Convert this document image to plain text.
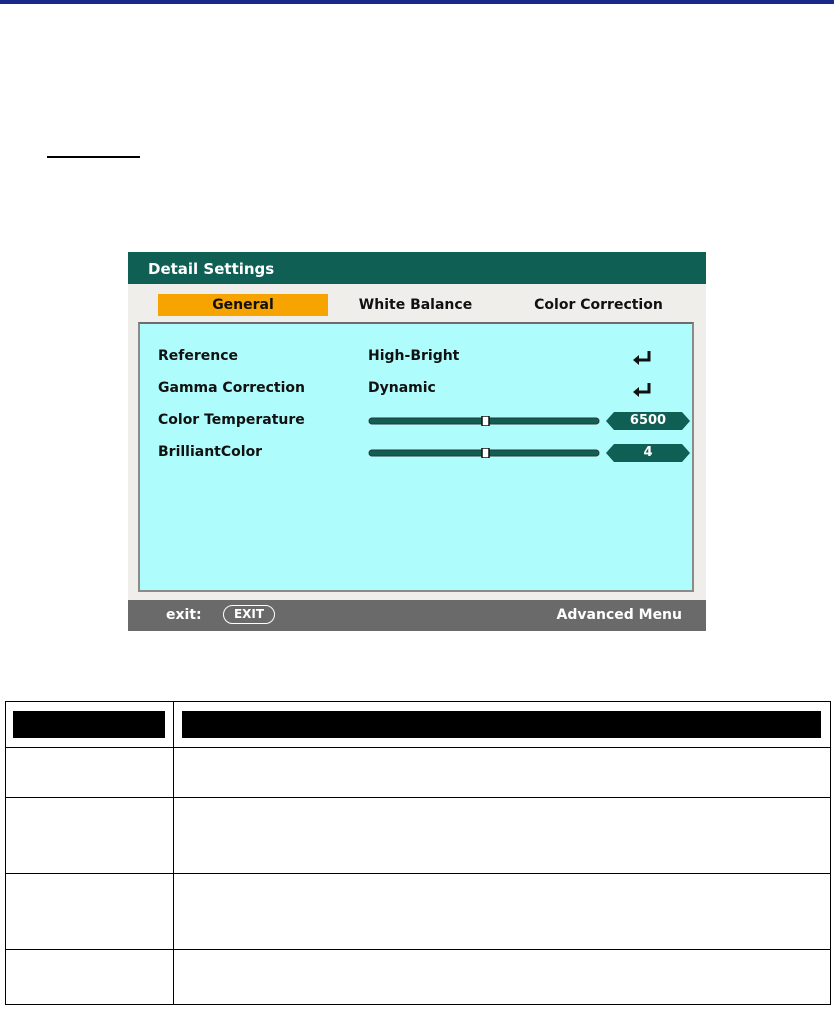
Detail Settings
General	White Balance	Color Correction
Reference	High-Bright
Gamma Correction	Dynamic
Color Temperature	6500
BrilliantColor	4
exit:	EXIT	Advanced Menu
